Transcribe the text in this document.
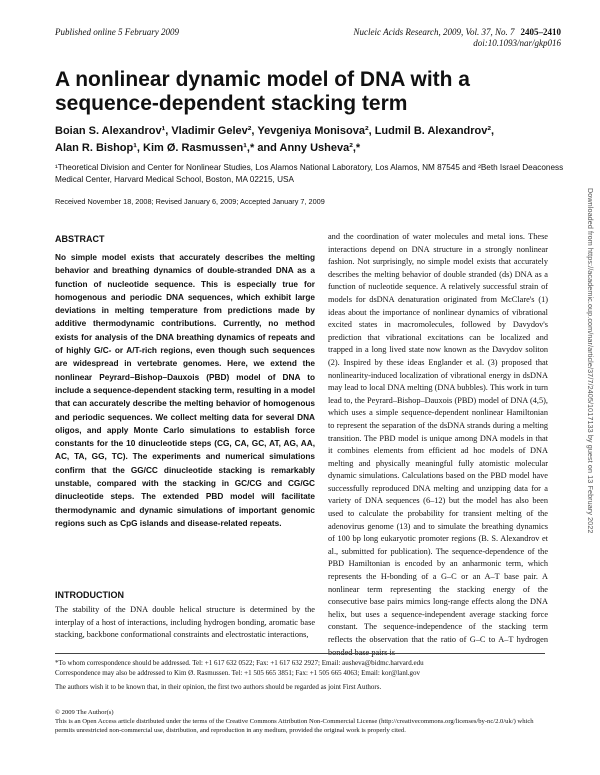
Published online 5 February 2009	Nucleic Acids Research, 2009, Vol. 37, No. 7 2405–2410
doi:10.1093/nar/gkp016
A nonlinear dynamic model of DNA with a sequence-dependent stacking term
Boian S. Alexandrov¹, Vladimir Gelev², Yevgeniya Monisova², Ludmil B. Alexandrov²,
Alan R. Bishop¹, Kim Ø. Rasmussen¹,* and Anny Usheva²,*
¹Theoretical Division and Center for Nonlinear Studies, Los Alamos National Laboratory, Los Alamos, NM 87545 and ²Beth Israel Deaconess Medical Center, Harvard Medical School, Boston, MA 02215, USA
Received November 18, 2008; Revised January 6, 2009; Accepted January 7, 2009
ABSTRACT

No simple model exists that accurately describes the melting behavior and breathing dynamics of double-stranded DNA as a function of nucleotide sequence. This is especially true for homogenous and periodic DNA sequences, which exhibit large deviations in melting temperature from predictions made by additive thermodynamic contributions. Currently, no method exists for analysis of the DNA breathing dynamics of repeats and of highly G/C- or A/T-rich regions, even though such sequences are widespread in vertebrate genomes. Here, we extend the nonlinear Peyrard–Bishop–Dauxois (PBD) model of DNA to include a sequence-dependent stacking term, resulting in a model that can accurately describe the melting behavior of homogenous and periodic sequences. We collect melting data for several DNA oligos, and apply Monte Carlo simulations to establish force constants for the 10 dinucleotide steps (CG, CA, GC, AT, AG, AA, AC, TA, GG, TC). The experiments and numerical simulations confirm that the GG/CC dinucleotide stacking is remarkably unstable, compared with the stacking in GC/CG and CG/GC dinucleotide steps. The extended PBD model will facilitate thermodynamic and dynamic simulations of important genomic regions such as CpG islands and disease-related repeats.

INTRODUCTION

The stability of the DNA double helical structure is determined by the interplay of a host of interactions, including hydrogen bonding, aromatic base stacking, backbone conformational constraints and electrostatic interactions,

and the coordination of water molecules and metal ions. These interactions depend on DNA structure in a strongly nonlinear fashion. Not surprisingly, no simple model exists that accurately describes the melting behavior of double stranded (ds) DNA as a function of nucleotide sequence. A relatively successful strain of models for dsDNA denaturation originated from McClare's (1) ideas about the importance of nonlinear dynamics of vibrational excited states in macromolecules, followed by Davydov's prediction that vibrational excitations can be localized and trapped in a long lived state now known as the Davydov soliton (2). Inspired by these ideas Englander et al. (3) proposed that nonlinearity-induced localization of vibrational energy in dsDNA may lead to local DNA melting (DNA bubbles). This work in turn lead to, the Peyrard–Bishop–Dauxois (PBD) model of DNA (4,5), which uses a simple sequence-dependent nonlinear Hamiltonian to represent the separation of the dsDNA strands during a melting transition. The PBD model is unique among DNA models in that it combines elements from efficient ad hoc models of DNA melting and physically meaningful fully atomistic molecular dynamic simulations. Calculations based on the PBD model have successfully reproduced DNA melting and unzipping data for a variety of DNA sequences (6–12) but the model has also been used to calculate the probability for transient melting of the adenovirus genome (13) and to simulate the breathing dynamics of 100 bp long eukaryotic promoter regions (B. S. Alexandrov et al., submitted for publication). The sequence-dependence of the PBD Hamiltonian is encoded by an anharmonic term, which represents the H-bonding of a G–C or an A–T base pair. A nonlinear term representing the stacking energy of the consecutive base pairs mimics long-range effects along the DNA helix, but uses a sequence-independent average stacking force constant. The sequence-independence of the stacking term reflects the observation that the ratio of G–C to A–T hydrogen bonded base pairs is

*To whom correspondence should be addressed. Tel: +1 617 632 0522; Fax: +1 617 632 2927; Email: ausheva@bidmc.harvard.edu
Correspondence may also be addressed to Kim Ø. Rasmussen. Tel: +1 505 665 3851; Fax: +1 505 665 4063; Email: kor@lanl.gov
The authors wish it to be known that, in their opinion, the first two authors should be regarded as joint First Authors.
© 2009 The Author(s)
This is an Open Access article distributed under the terms of the Creative Commons Attribution Non-Commercial License (http://creativecommons.org/licenses/by-nc/2.0/uk/) which permits unrestricted non-commercial use, distribution, and reproduction in any medium, provided the original work is properly cited.
Downloaded from https://academic.oup.com/nar/article/37/7/2405/1017133 by guest on 13 February 2022
